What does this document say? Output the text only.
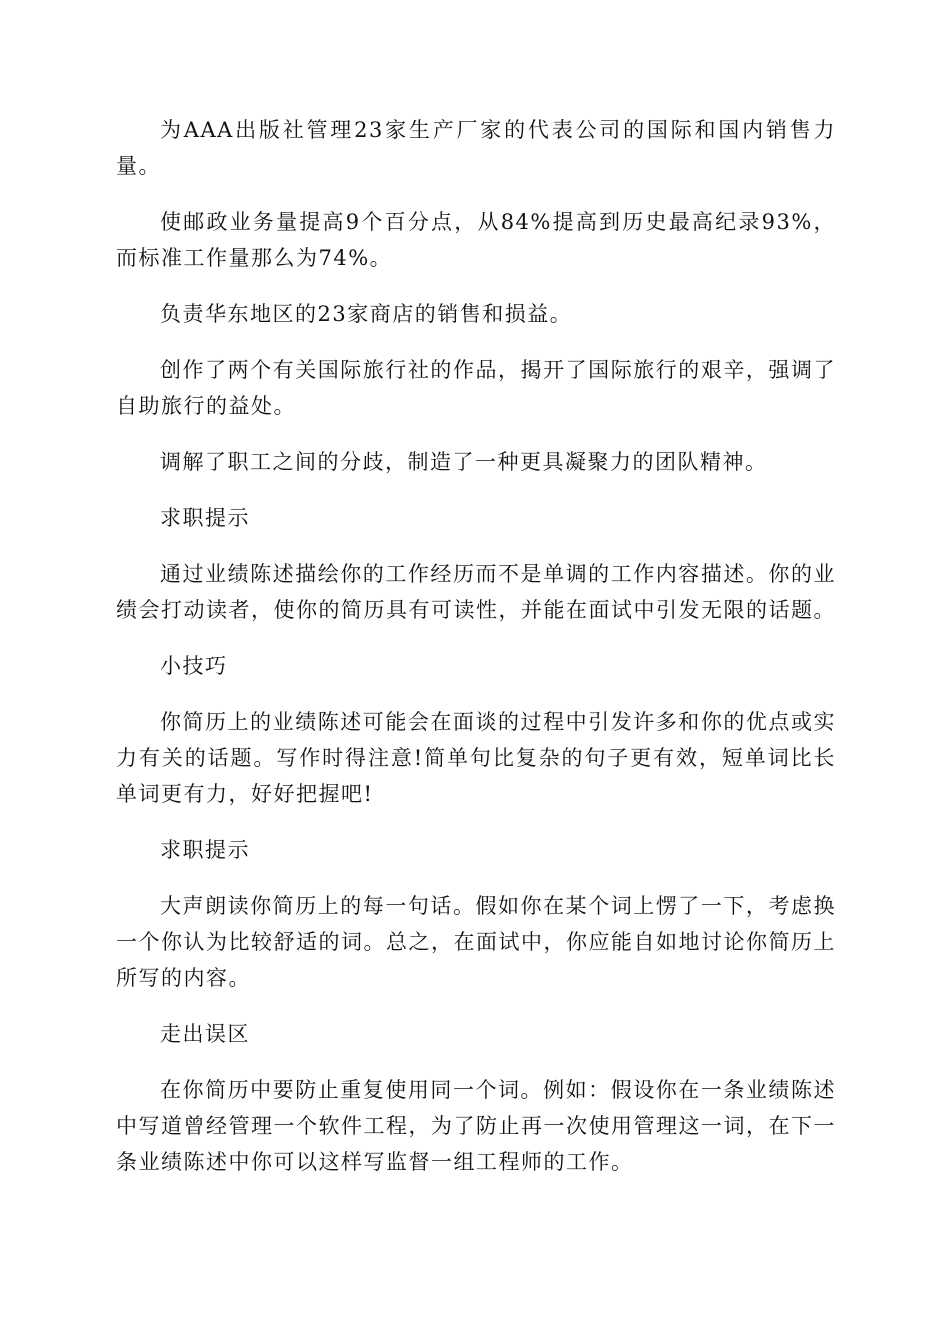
为AAA出版社管理23家生产厂家的代表公司的国际和国内销售力量。

使邮政业务量提高9个百分点，从84%提高到历史最高纪录93%，而标准工作量那么为74%。

负责华东地区的23家商店的销售和损益。

创作了两个有关国际旅行社的作品，揭开了国际旅行的艰辛，强调了自助旅行的益处。

调解了职工之间的分歧，制造了一种更具凝聚力的团队精神。

求职提示

通过业绩陈述描绘你的工作经历而不是单调的工作内容描述。你的业绩会打动读者，使你的简历具有可读性，并能在面试中引发无限的话题。

小技巧

你简历上的业绩陈述可能会在面谈的过程中引发许多和你的优点或实力有关的话题。写作时得注意!简单句比复杂的句子更有效，短单词比长单词更有力，好好把握吧!

求职提示

大声朗读你简历上的每一句话。假如你在某个词上愣了一下，考虑换一个你认为比较舒适的词。总之，在面试中，你应能自如地讨论你简历上所写的内容。

走出误区

在你简历中要防止重复使用同一个词。例如：假设你在一条业绩陈述中写道曾经管理一个软件工程，为了防止再一次使用管理这一词，在下一条业绩陈述中你可以这样写监督一组工程师的工作。
